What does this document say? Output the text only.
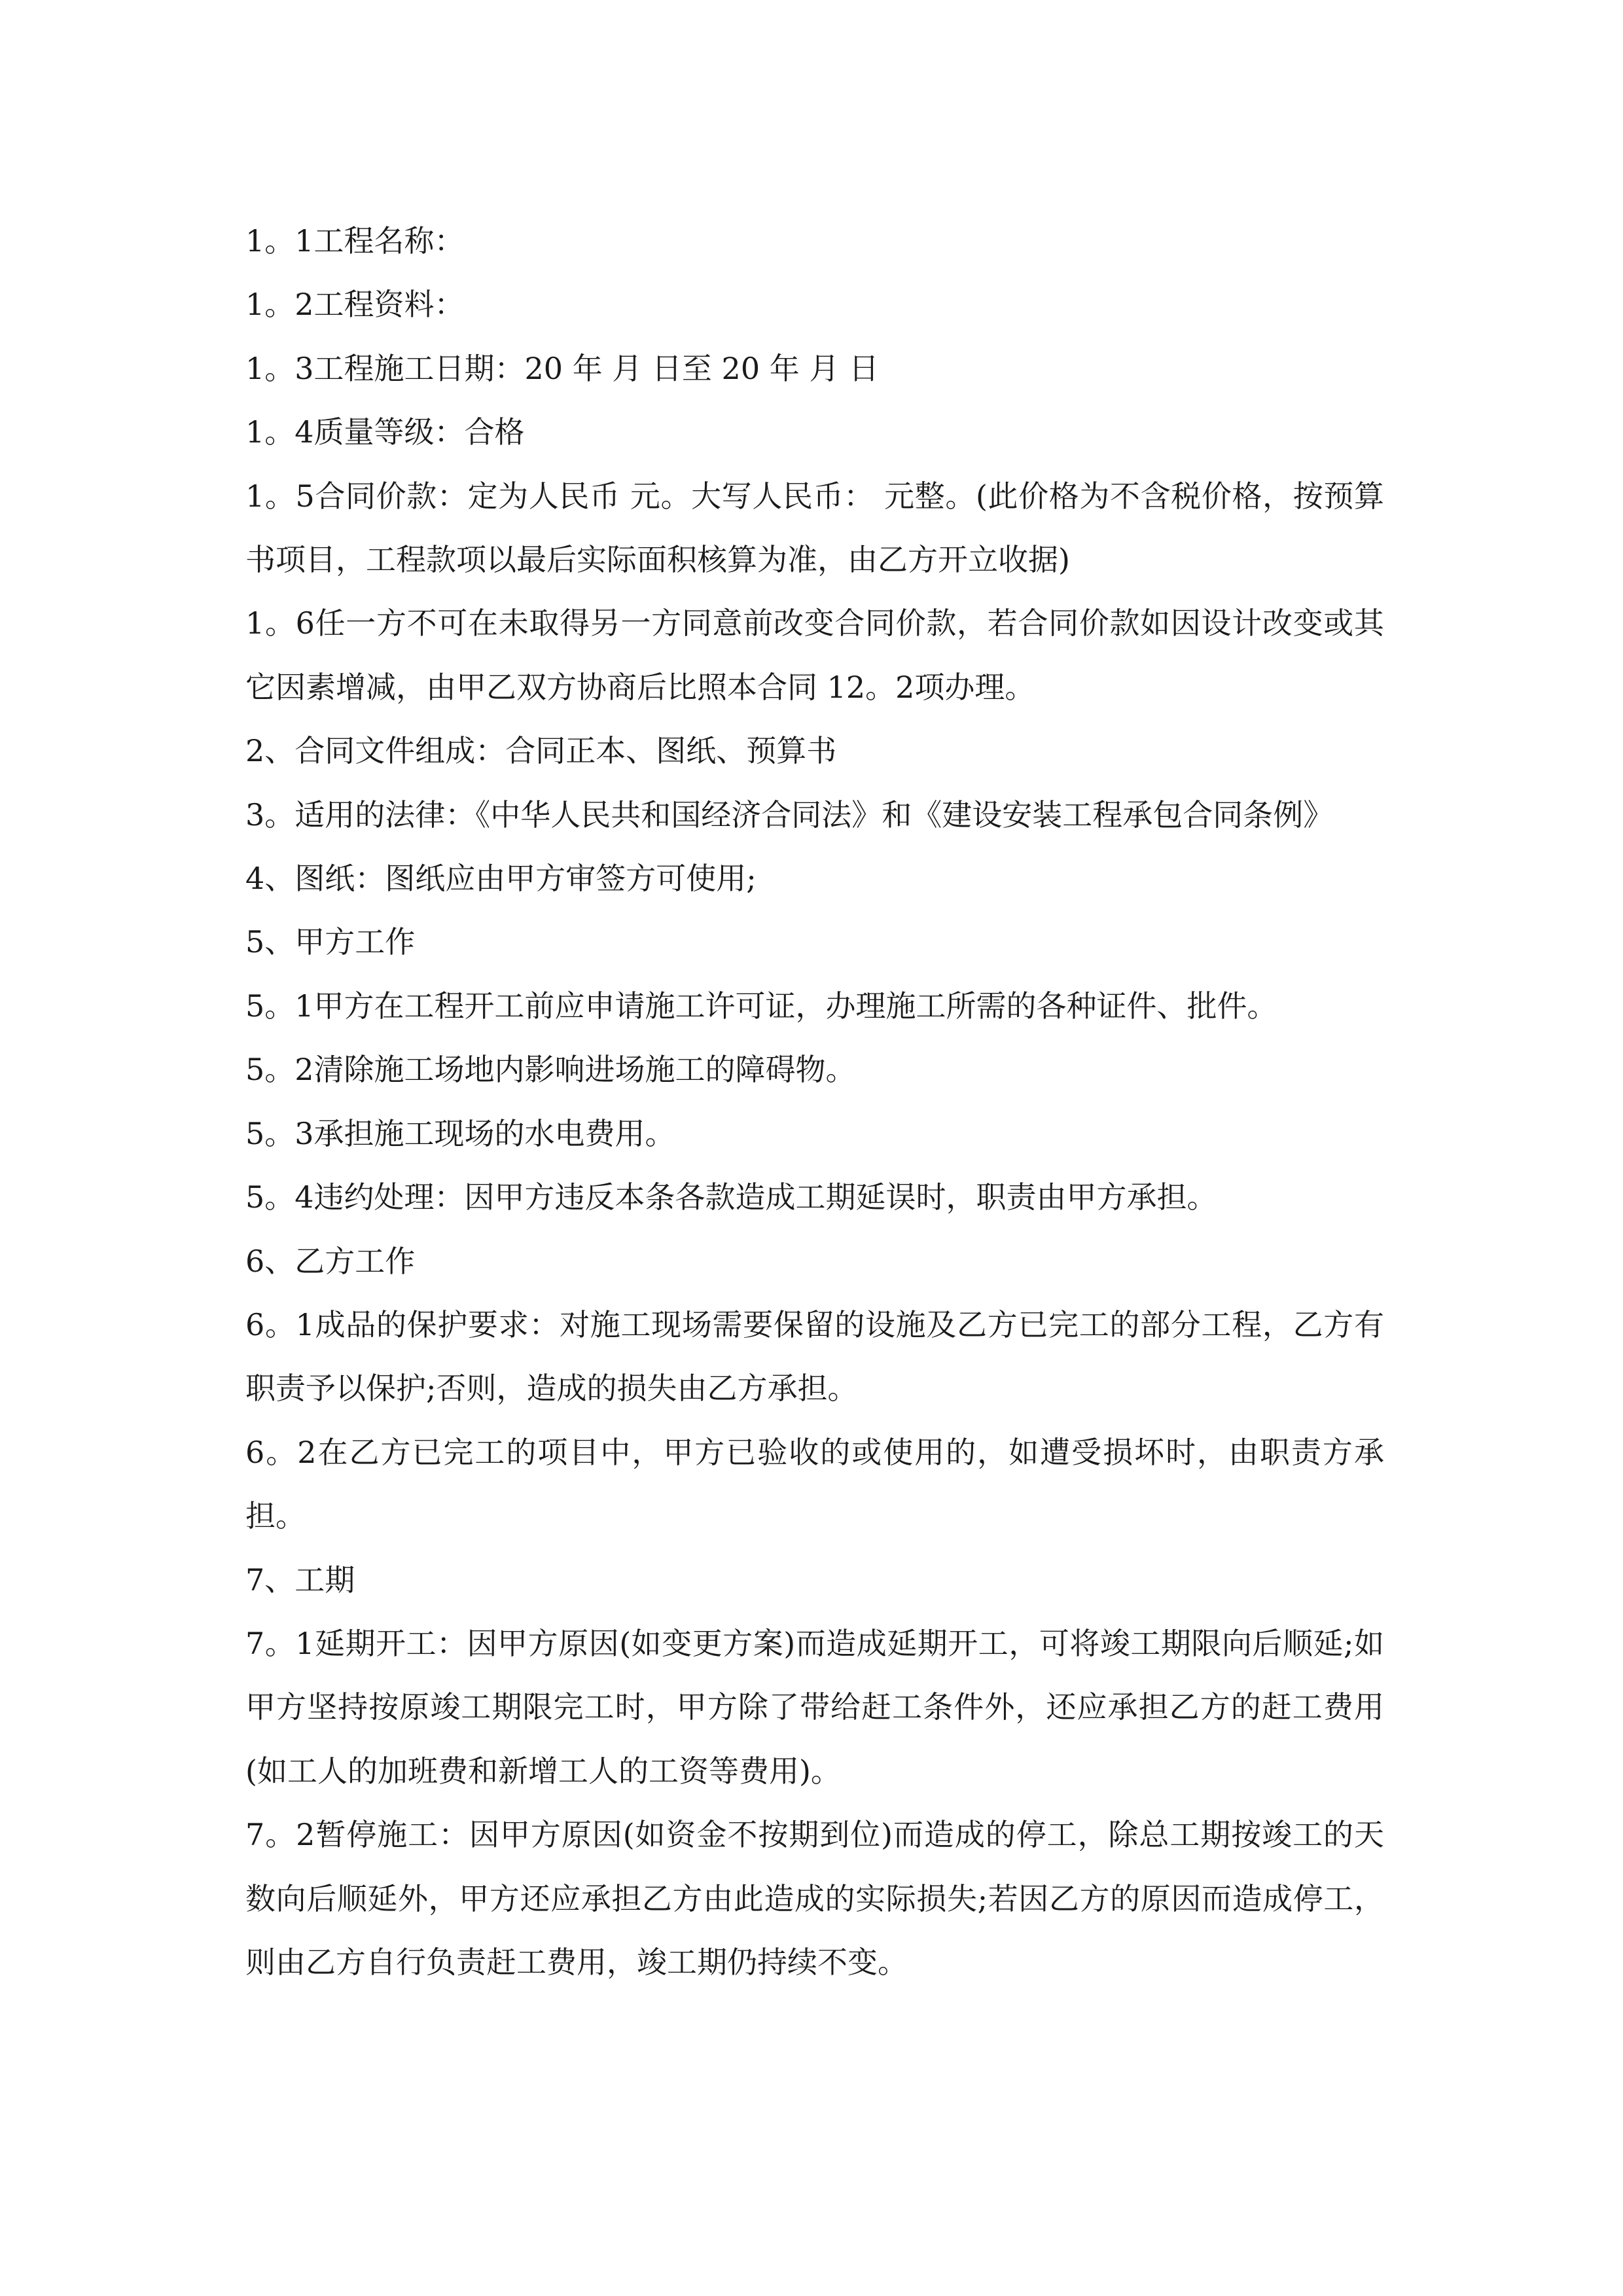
1。1工程名称：

1。2工程资料：

1。3工程施工日期：20 年 月 日至 20 年 月 日

1。4质量等级：合格

1。5合同价款：定为人民币 元。大写人民币： 元整。(此价格为不含税价格，按预算书项目，工程款项以最后实际面积核算为准，由乙方开立收据)

1。6任一方不可在未取得另一方同意前改变合同价款，若合同价款如因设计改变或其它因素增减，由甲乙双方协商后比照本合同 12。2项办理。

2、合同文件组成：合同正本、图纸、预算书

3。适用的法律：《中华人民共和国经济合同法》和《建设安装工程承包合同条例》

4、图纸：图纸应由甲方审签方可使用;

5、甲方工作

5。1甲方在工程开工前应申请施工许可证，办理施工所需的各种证件、批件。

5。2清除施工场地内影响进场施工的障碍物。

5。3承担施工现场的水电费用。

5。4违约处理：因甲方违反本条各款造成工期延误时，职责由甲方承担。

6、乙方工作

6。1成品的保护要求：对施工现场需要保留的设施及乙方已完工的部分工程，乙方有职责予以保护;否则，造成的损失由乙方承担。

6。2在乙方已完工的项目中，甲方已验收的或使用的，如遭受损坏时，由职责方承担。

7、工期

7。1延期开工：因甲方原因(如变更方案)而造成延期开工，可将竣工期限向后顺延;如甲方坚持按原竣工期限完工时，甲方除了带给赶工条件外，还应承担乙方的赶工费用(如工人的加班费和新增工人的工资等费用)。

7。2暂停施工：因甲方原因(如资金不按期到位)而造成的停工，除总工期按竣工的天数向后顺延外，甲方还应承担乙方由此造成的实际损失;若因乙方的原因而造成停工，则由乙方自行负责赶工费用，竣工期仍持续不变。
